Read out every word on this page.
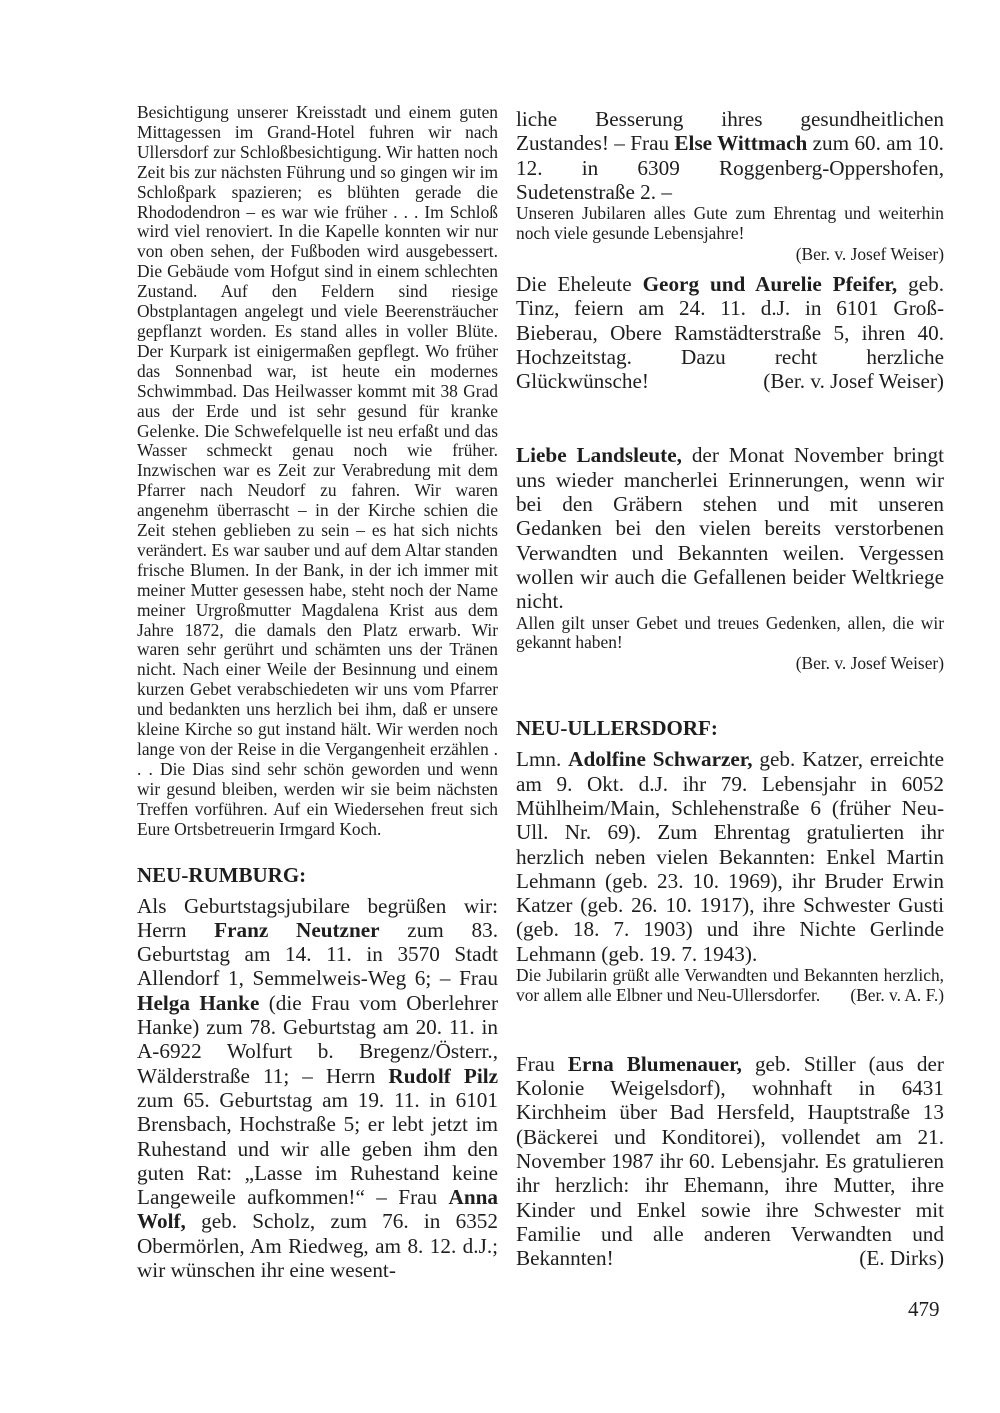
Besichtigung unserer Kreisstadt und einem guten Mittagessen im Grand-Hotel fuhren wir nach Ullersdorf zur Schloßbesichtigung. Wir hatten noch Zeit bis zur nächsten Führung und so gingen wir im Schloßpark spazieren; es blühten gerade die Rhododendron – es war wie früher . . . Im Schloß wird viel renoviert. In die Kapelle konnten wir nur von oben sehen, der Fußboden wird ausgebessert. Die Gebäude vom Hofgut sind in einem schlechten Zustand. Auf den Feldern sind riesige Obstplantagen angelegt und viele Beerensträucher gepflanzt worden. Es stand alles in voller Blüte. Der Kurpark ist einigermaßen gepflegt. Wo früher das Sonnenbad war, ist heute ein modernes Schwimmbad. Das Heilwasser kommt mit 38 Grad aus der Erde und ist sehr gesund für kranke Gelenke. Die Schwefelquelle ist neu erfaßt und das Wasser schmeckt genau noch wie früher. Inzwischen war es Zeit zur Verabredung mit dem Pfarrer nach Neudorf zu fahren. Wir waren angenehm überrascht – in der Kirche schien die Zeit stehen geblieben zu sein – es hat sich nichts verändert. Es war sauber und auf dem Altar standen frische Blumen. In der Bank, in der ich immer mit meiner Mutter gesessen habe, steht noch der Name meiner Urgroßmutter Magdalena Krist aus dem Jahre 1872, die damals den Platz erwarb. Wir waren sehr gerührt und schämten uns der Tränen nicht. Nach einer Weile der Besinnung und einem kurzen Gebet verabschiedeten wir uns vom Pfarrer und bedankten uns herzlich bei ihm, daß er unsere kleine Kirche so gut instand hält. Wir werden noch lange von der Reise in die Vergangenheit erzählen . . . Die Dias sind sehr schön geworden und wenn wir gesund bleiben, werden wir sie beim nächsten Treffen vorführen. Auf ein Wiedersehen freut sich Eure Ortsbetreuerin Irmgard Koch.

NEU-RUMBURG:

Als Geburtstagsjubilare begrüßen wir: Herrn Franz Neutzner zum 83. Geburtstag am 14. 11. in 3570 Stadt Allendorf 1, Semmelweis-Weg 6; – Frau Helga Hanke (die Frau vom Oberlehrer Hanke) zum 78. Geburtstag am 20. 11. in A-6922 Wolfurt b. Bregenz/Österr., Wälderstraße 11; – Herrn Rudolf Pilz zum 65. Geburtstag am 19. 11. in 6101 Brensbach, Hochstraße 5; er lebt jetzt im Ruhestand und wir alle geben ihm den guten Rat: „Lasse im Ruhestand keine Langeweile aufkommen!“ – Frau Anna Wolf, geb. Scholz, zum 76. in 6352 Obermörlen, Am Riedweg, am 8. 12. d.J.; wir wünschen ihr eine wesent-

liche Besserung ihres gesundheitlichen Zustandes! – Frau Else Wittmach zum 60. am 10. 12. in 6309 Roggenberg-Oppershofen, Sudetenstraße 2. –

Unseren Jubilaren alles Gute zum Ehrentag und weiterhin noch viele gesunde Lebensjahre!

(Ber. v. Josef Weiser)

Die Eheleute Georg und Aurelie Pfeifer, geb. Tinz, feiern am 24. 11. d.J. in 6101 Groß-Bieberau, Obere Ramstädterstraße 5, ihren 40. Hochzeitstag. Dazu recht herzliche Glückwünsche!	(Ber. v. Josef Weiser)

Liebe Landsleute, der Monat November bringt uns wieder mancherlei Erinnerungen, wenn wir bei den Gräbern stehen und mit unseren Gedanken bei den vielen bereits verstorbenen Verwandten und Bekannten weilen. Vergessen wollen wir auch die Gefallenen beider Weltkriege nicht.

Allen gilt unser Gebet und treues Gedenken, allen, die wir gekannt haben!

(Ber. v. Josef Weiser)

NEU-ULLERSDORF:

Lmn. Adolfine Schwarzer, geb. Katzer, erreichte am 9. Okt. d.J. ihr 79. Lebensjahr in 6052 Mühlheim/Main, Schlehenstraße 6 (früher Neu-Ull. Nr. 69). Zum Ehrentag gratulierten ihr herzlich neben vielen Bekannten: Enkel Martin Lehmann (geb. 23. 10. 1969), ihr Bruder Erwin Katzer (geb. 26. 10. 1917), ihre Schwester Gusti (geb. 18. 7. 1903) und ihre Nichte Gerlinde Lehmann (geb. 19. 7. 1943).

Die Jubilarin grüßt alle Verwandten und Bekannten herzlich, vor allem alle Elbner und Neu-Ullersdorfer. (Ber. v. A. F.)

Frau Erna Blumenauer, geb. Stiller (aus der Kolonie Weigelsdorf), wohnhaft in 6431 Kirchheim über Bad Hersfeld, Hauptstraße 13 (Bäckerei und Konditorei), vollendet am 21. November 1987 ihr 60. Lebensjahr. Es gratulieren ihr herzlich: ihr Ehemann, ihre Mutter, ihre Kinder und Enkel sowie ihre Schwester mit Familie und alle anderen Verwandten und Bekannten!	(E. Dirks)

479
